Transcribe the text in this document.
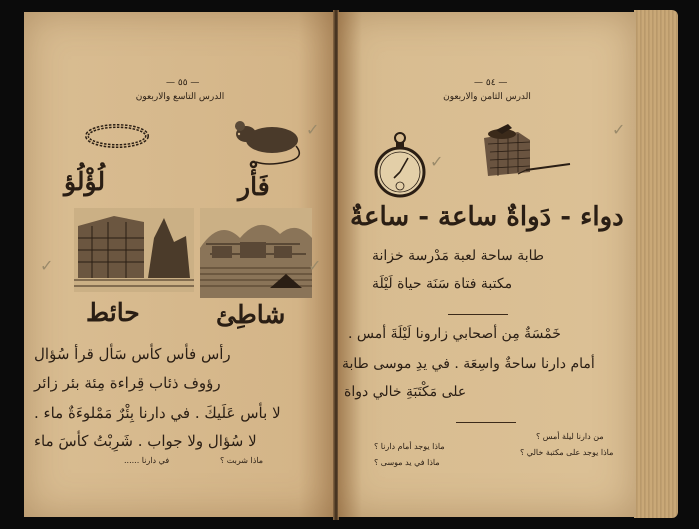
— ٥٥ —
الدرس التاسع والاربعون
✓
لُؤْلُؤ	فَأْر
✓	✓
حائط	شاطِئ
رأس فأس كأس سَأل قرأ سُؤال
رؤوف ذئاب قِراءة مِئة بئر زائر
لا بأس عَلَيكَ . في دارنا بِئْرٌ مَمْلوءَةٌ ماء .
لا سُؤال ولا جواب . شَرِبْتُ كأسَ ماء
في دارنا ......	ماذا شربت ؟
— ٥٤ —
الدرس الثامن والاربعون
✓
✓
دواء - دَواةٌ ساعة - ساعةٌ
طابة ساحة لعبة مَدْرسة خزانة
مكتبة فتاة سَنَة حياة لَيْلَة
خَمْسَةٌ مِن أصحابي زارونا لَيْلَةَ أمس .
أمام دارنا ساحةٌ واسِعَة . في يدِ موسى طابة
على مَكْتَبَةِ خالي دواة
من دارنا ليلة أمس ؟
ماذا يوجد أمام دارنا ؟
ماذا يوجد على مكتبة خالي ؟
ماذا في يد موسى ؟
